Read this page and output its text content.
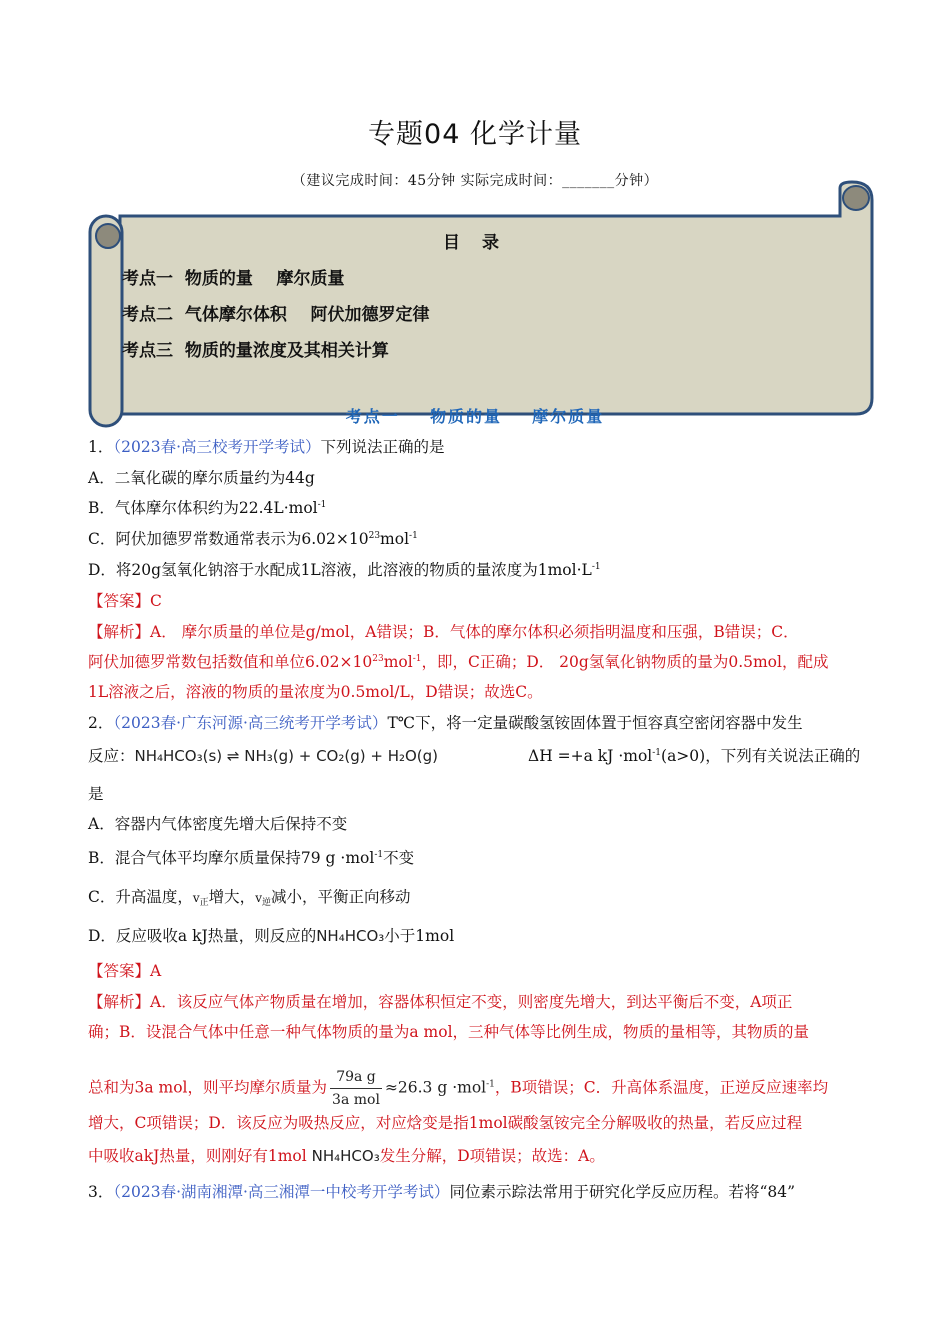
专题04 化学计量
（建议完成时间：45分钟 实际完成时间：_______分钟）
目 录
考点一  物质的量    摩尔质量
考点二  气体摩尔体积    阿伏加德罗定律
考点三  物质的量浓度及其相关计算
考点一    物质的量    摩尔质量
1．（2023春·高三校考开学考试）下列说法正确的是
A．二氧化碳的摩尔质量约为44g
B．气体摩尔体积约为22.4L·mol$^{-1}$
C．阿伏加德罗常数通常表示为$6.02\times 10^{23}mol^{-1}$
D．将20g氢氧化钠溶于水配成1L溶液，此溶液的物质的量浓度为$1mol\cdot L^{-1}$
【答案】C
【解析】A． 摩尔质量的单位是g/mol，A错误；B．气体的摩尔体积必须指明温度和压强，B错误；C．
阿伏加德罗常数包括数值和单位$6.02\times 10^{23}mol^{-1}$，即，C正确；D． 20g氢氧化钠物质的量为0.5mol，配成
1L溶液之后，溶液的物质的量浓度为0.5mol/L，D错误；故选C。
2．（2023春·广东河源·高三统考开学考试）T℃下，将一定量碳酸氢铵固体置于恒容真空密闭容器中发生
反应：NH₄HCO₃(s) ⇌ NH₃(g) + CO₂(g) + H₂O(g)	ΔH =+a kJ ·mol$^{-1}$(a>0)，下列有关说法正确的
是
A．容器内气体密度先增大后保持不变
B．混合气体平均摩尔质量保持79 g ·mol$^{-1}$不变
C．升高温度，$v_正$增大，$v_逆$减小，平衡正向移动
D．反应吸收a kJ热量，则反应的NH₄HCO₃小于1mol
【答案】A
【解析】A．该反应气体产物质量在增加，容器体积恒定不变，则密度先增大，到达平衡后不变，A项正
确；B．设混合气体中任意一种气体物质的量为a mol，三种气体等比例生成，物质的量相等，其物质的量
总和为3a mol，则平均摩尔质量为 $\frac{\text{79a g}}{\text{3a mol}} \approx 26.3$ g ·mol$^{-1}$，B项错误；C．升高体系温度，正逆反应速率均
增大，C项错误；D．该反应为吸热反应，对应焓变是指1mol碳酸氢铵完全分解吸收的热量，若反应过程
中吸收akJ热量，则刚好有1mol NH₄HCO₃发生分解，D项错误；故选：A。
3．（2023春·湖南湘潭·高三湘潭一中校考开学考试）同位素示踪法常用于研究化学反应历程。若将“84”
